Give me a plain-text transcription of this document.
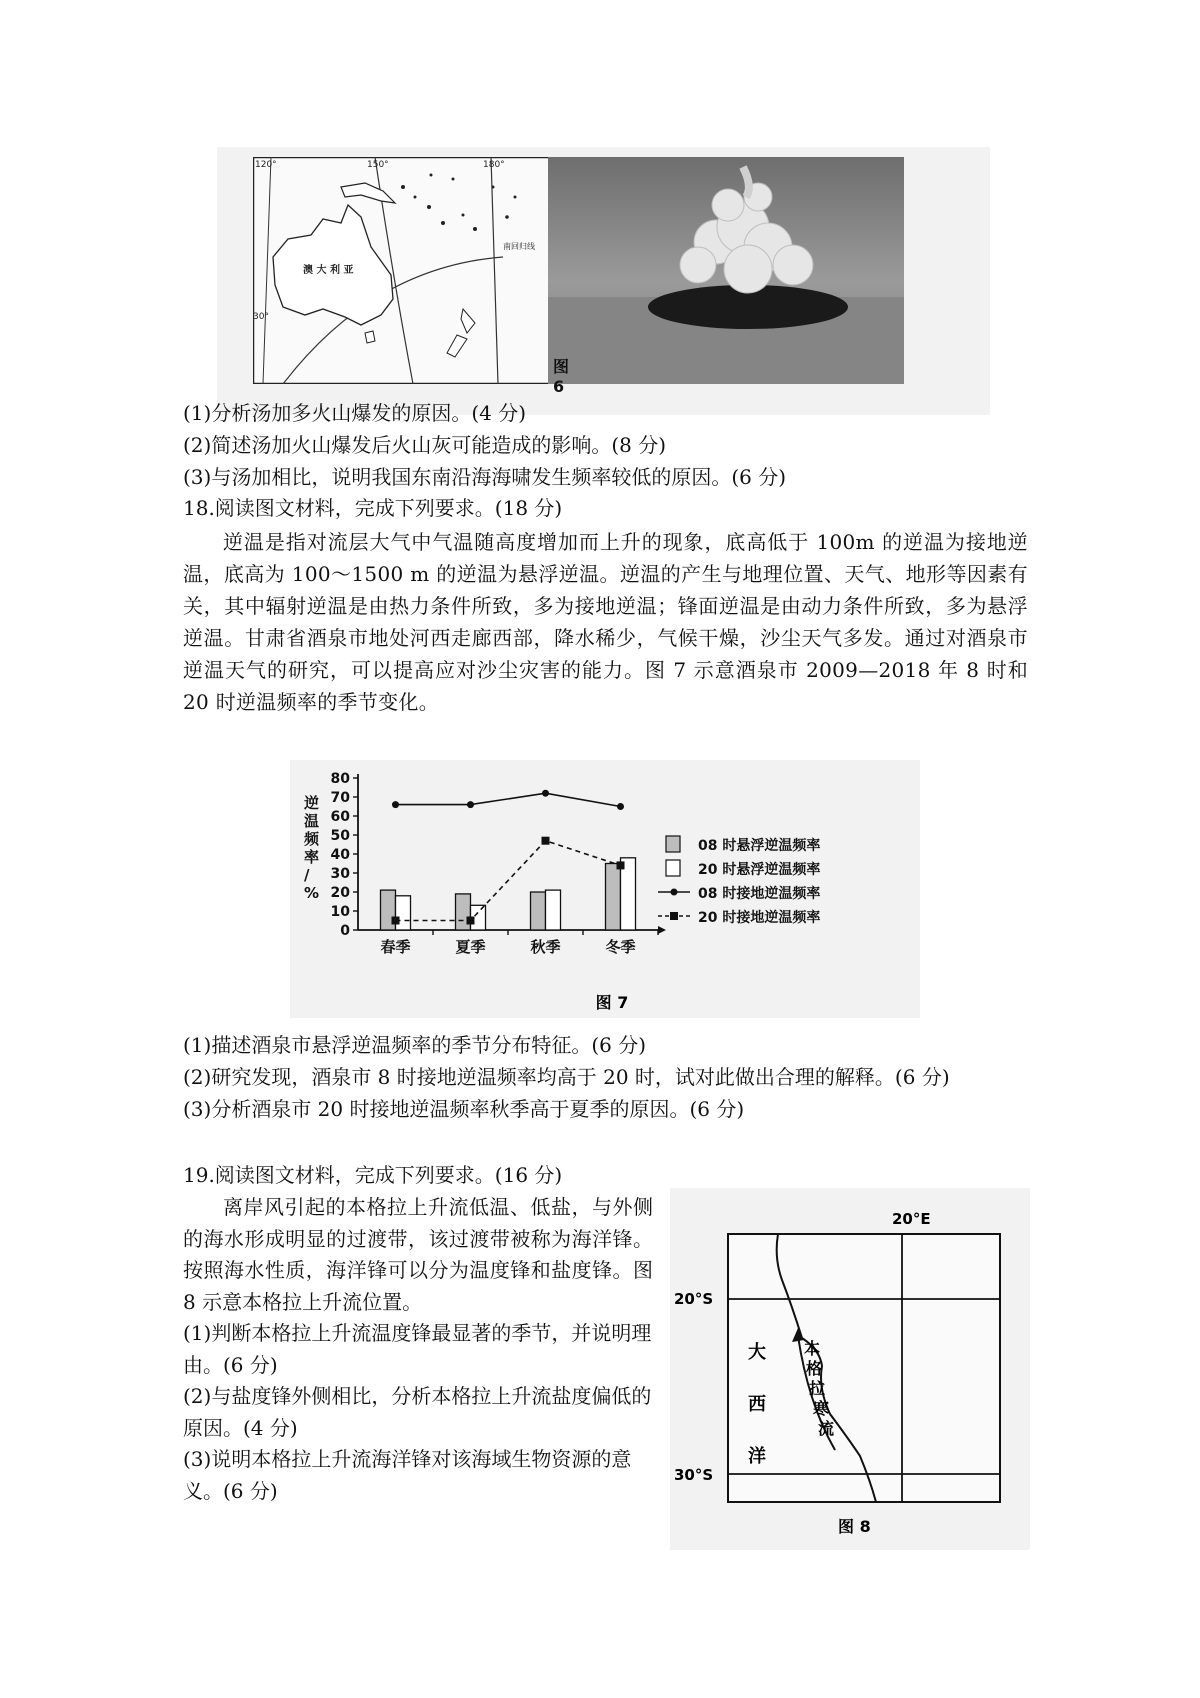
120°	150°	180°
30°
澳 大 利 亚
南回归线
图 6
(1)分析汤加多火山爆发的原因。(4 分)
(2)简述汤加火山爆发后火山灰可能造成的影响。(8 分)
(3)与汤加相比，说明我国东南沿海海啸发生频率较低的原因。(6 分)
18.阅读图文材料，完成下列要求。(18 分)
逆温是指对流层大气中气温随高度增加而上升的现象，底高低于 100m 的逆温为接地逆温，底高为 100～1500 m 的逆温为悬浮逆温。逆温的产生与地理位置、天气、地形等因素有关，其中辐射逆温是由热力条件所致，多为接地逆温；锋面逆温是由动力条件所致，多为悬浮逆温。甘肃省酒泉市地处河西走廊西部，降水稀少，气候干燥，沙尘天气多发。通过对酒泉市逆温天气的研究，可以提高应对沙尘灾害的能力。图 7 示意酒泉市 2009—2018 年 8 时和 20 时逆温频率的季节变化。
0
10
20
30
40
50
60
70
80
春季	夏季	秋季	冬季
逆温频率/ %
08 时悬浮逆温频率
20 时悬浮逆温频率
08 时接地逆温频率
20 时接地逆温频率
图 7
(1)描述酒泉市悬浮逆温频率的季节分布特征。(6 分)
(2)研究发现，酒泉市 8 时接地逆温频率均高于 20 时，试对此做出合理的解释。(6 分)
(3)分析酒泉市 20 时接地逆温频率秋季高于夏季的原因。(6 分)
19.阅读图文材料，完成下列要求。(16 分)
离岸风引起的本格拉上升流低温、低盐，与外侧的海水形成明显的过渡带，该过渡带被称为海洋锋。按照海水性质，海洋锋可以分为温度锋和盐度锋。图 8 示意本格拉上升流位置。
(1)判断本格拉上升流温度锋最显著的季节，并说明理由。(6 分)
(2)与盐度锋外侧相比，分析本格拉上升流盐度偏低的原因。(4 分)
(3)说明本格拉上升流海洋锋对该海域生物资源的意义。(6 分)
20°E
20°S
30°S
大
西
洋
本
格
拉
寒
流
图 8
